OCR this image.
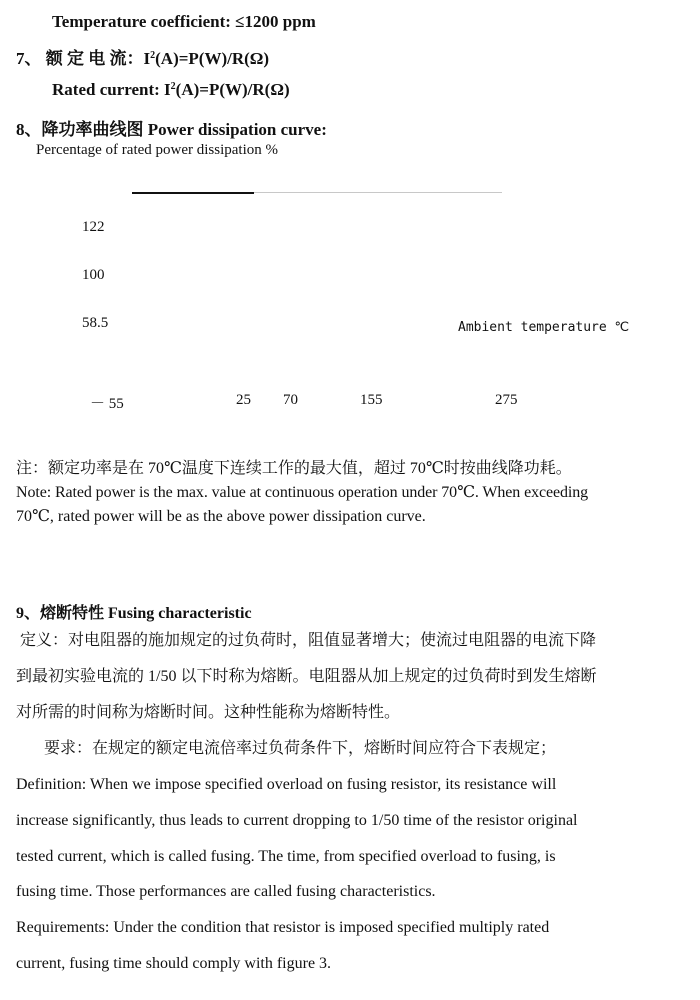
Temperature coefficient: ≤1200 ppm
7、 额 定 电 流：$I^2(A)=P(W)/R(\Omega)$
Rated current: $I^2(A)=P(W)/R(\Omega)$
8、降功率曲线图 Power dissipation curve:
Percentage of rated power dissipation %
122
100
58.5	Ambient temperature ℃
－ 55	25 70	155	275
注：额定功率是在 70℃温度下连续工作的最大值，超过 70℃时按曲线降功耗。
Note: Rated power is the max. value at continuous operation under 70℃. When exceeding
70℃, rated power will be as the above power dissipation curve.
9、熔断特性 Fusing characteristic
定义：对电阻器的施加规定的过负荷时，阻值显著增大；使流过电阻器的电流下降
到最初实验电流的 1/50 以下时称为熔断。电阻器从加上规定的过负荷时到发生熔断
对所需的时间称为熔断时间。这种性能称为熔断特性。
要求：在规定的额定电流倍率过负荷条件下，熔断时间应符合下表规定；
Definition: When we impose specified overload on fusing resistor, its resistance will
increase significantly, thus leads to current dropping to 1/50 time of the resistor original
tested current, which is called fusing. The time, from specified overload to fusing, is
fusing time. Those performances are called fusing characteristics.
Requirements: Under the condition that resistor is imposed specified multiply rated
current, fusing time should comply with figure 3.
